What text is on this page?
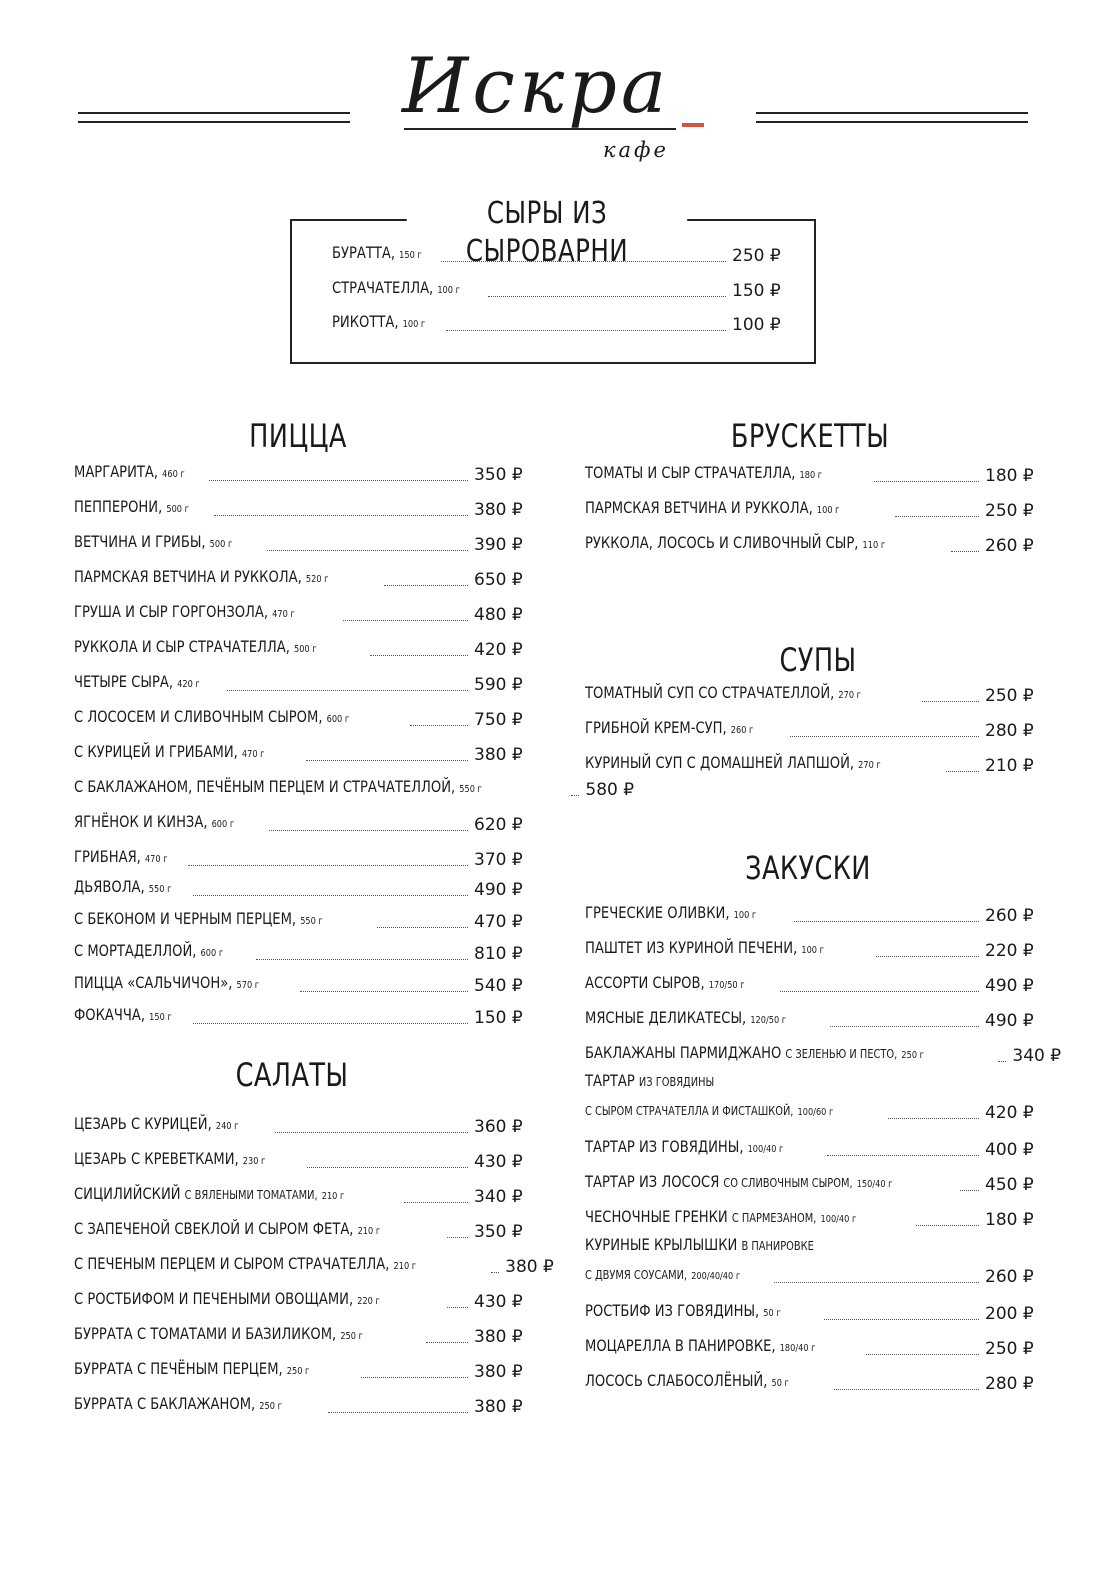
Искра
кафе
СЫРЫ ИЗ СЫРОВАРНИ
БУРАТТА, 150 г	250 ₽
СТРАЧАТЕЛЛА, 100 г	150 ₽
РИКОТТА, 100 г	100 ₽
ПИЦЦА
МАРГАРИТА, 460 г	350 ₽
ПЕППЕРОНИ, 500 г	380 ₽
ВЕТЧИНА И ГРИБЫ, 500 г	390 ₽
ПАРМСКАЯ ВЕТЧИНА И РУККОЛА, 520 г	650 ₽
ГРУША И СЫР ГОРГОНЗОЛА, 470 г	480 ₽
РУККОЛА И СЫР СТРАЧАТЕЛЛА, 500 г	420 ₽
ЧЕТЫРЕ СЫРА, 420 г	590 ₽
С ЛОСОСЕМ И СЛИВОЧНЫМ СЫРОМ, 600 г	750 ₽
С КУРИЦЕЙ И ГРИБАМИ, 470 г	380 ₽
С БАКЛАЖАНОМ, ПЕЧЁНЫМ ПЕРЦЕМ И СТРАЧАТЕЛЛОЙ, 550 г	580 ₽
ЯГНЁНОК И КИНЗА, 600 г	620 ₽
ГРИБНАЯ, 470 г	370 ₽
ДЬЯВОЛА, 550 г	490 ₽
С БЕКОНОМ И ЧЕРНЫМ ПЕРЦЕМ, 550 г	470 ₽
С МОРТАДЕЛЛОЙ, 600 г	810 ₽
ПИЦЦА «САЛЬЧИЧОН», 570 г	540 ₽
ФОКАЧЧА, 150 г	150 ₽
САЛАТЫ
ЦЕЗАРЬ С КУРИЦЕЙ, 240 г	360 ₽
ЦЕЗАРЬ С КРЕВЕТКАМИ, 230 г	430 ₽
СИЦИЛИЙСКИЙ С ВЯЛЕНЫМИ ТОМАТАМИ, 210 г	340 ₽
С ЗАПЕЧЕНОЙ СВЕКЛОЙ И СЫРОМ ФЕТА, 210 г	350 ₽
С ПЕЧЕНЫМ ПЕРЦЕМ И СЫРОМ СТРАЧАТЕЛЛА, 210 г	380 ₽
С РОСТБИФОМ И ПЕЧЕНЫМИ ОВОЩАМИ, 220 г	430 ₽
БУРРАТА С ТОМАТАМИ И БАЗИЛИКОМ, 250 г	380 ₽
БУРРАТА С ПЕЧЁНЫМ ПЕРЦЕМ, 250 г	380 ₽
БУРРАТА С БАКЛАЖАНОМ, 250 г	380 ₽
БРУСКЕТТЫ
ТОМАТЫ И СЫР СТРАЧАТЕЛЛА, 180 г	180 ₽
ПАРМСКАЯ ВЕТЧИНА И РУККОЛА, 100 г	250 ₽
РУККОЛА, ЛОСОСЬ И СЛИВОЧНЫЙ СЫР, 110 г	260 ₽
СУПЫ
ТОМАТНЫЙ СУП СО СТРАЧАТЕЛЛОЙ, 270 г	250 ₽
ГРИБНОЙ КРЕМ-СУП, 260 г	280 ₽
КУРИНЫЙ СУП С ДОМАШНЕЙ ЛАПШОЙ, 270 г	210 ₽
ЗАКУСКИ
ГРЕЧЕСКИЕ ОЛИВКИ, 100 г	260 ₽
ПАШТЕТ ИЗ КУРИНОЙ ПЕЧЕНИ, 100 г	220 ₽
АССОРТИ СЫРОВ, 170/50 г	490 ₽
МЯСНЫЕ ДЕЛИКАТЕСЫ, 120/50 г	490 ₽
БАКЛАЖАНЫ ПАРМИДЖАНО С ЗЕЛЕНЬЮ И ПЕСТО, 250 г	340 ₽
ТАРТАР ИЗ ГОВЯДИНЫ
С СЫРОМ СТРАЧАТЕЛЛА И ФИСТАШКОЙ, 100/60 г	420 ₽
ТАРТАР ИЗ ГОВЯДИНЫ, 100/40 г	400 ₽
ТАРТАР ИЗ ЛОСОСЯ СО СЛИВОЧНЫМ СЫРОМ, 150/40 г	450 ₽
ЧЕСНОЧНЫЕ ГРЕНКИ С ПАРМЕЗАНОМ, 100/40 г	180 ₽
КУРИНЫЕ КРЫЛЫШКИ В ПАНИРОВКЕ
С ДВУМЯ СОУСАМИ, 200/40/40 г	260 ₽
РОСТБИФ ИЗ ГОВЯДИНЫ, 50 г	200 ₽
МОЦАРЕЛЛА В ПАНИРОВКЕ, 180/40 г	250 ₽
ЛОСОСЬ СЛАБОСОЛЁНЫЙ, 50 г	280 ₽
